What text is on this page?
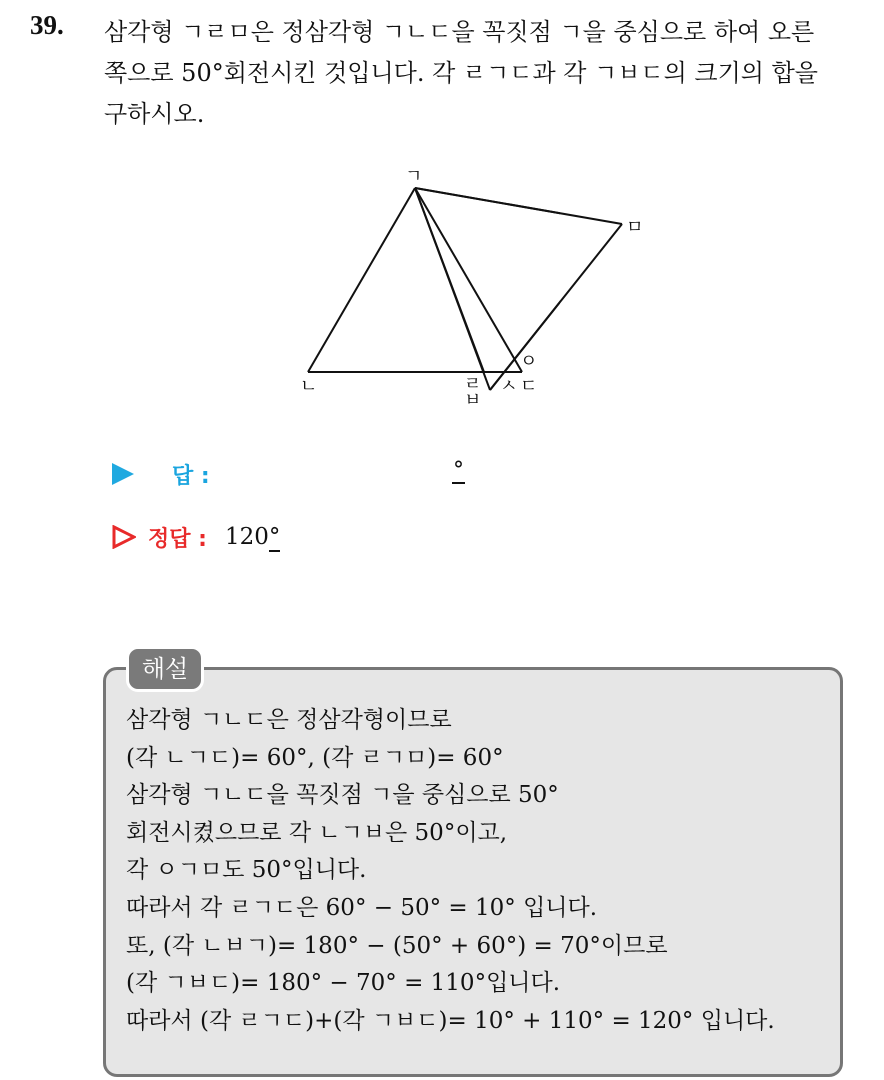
39. 삼각형 ㄱㄹㅁ은 정삼각형 ㄱㄴㄷ을 꼭짓점 ㄱ을 중심으로 하여 오른
쪽으로 50°회전시킨 것입니다. 각 ㄹㄱㄷ과 각 ㄱㅂㄷ의 크기의 합을
구하시오.
ㄱ
ㄴ
ㅇ
ㄹ
ㅂ
ㅅ ㄷ
ㅁ
답 :	°
정답 : 120°
해설
삼각형 ㄱㄴㄷ은 정삼각형이므로
(각 ㄴㄱㄷ)= 60°, (각 ㄹㄱㅁ)= 60°
삼각형 ㄱㄴㄷ을 꼭짓점 ㄱ을 중심으로 50°
회전시켰으므로 각 ㄴㄱㅂ은 50°이고,
각 ㅇㄱㅁ도 50°입니다.
따라서 각 ㄹㄱㄷ은 60° − 50° = 10° 입니다.
또, (각 ㄴㅂㄱ)= 180° − (50° + 60°) = 70°이므로
(각 ㄱㅂㄷ)= 180° − 70° = 110°입니다.
따라서 (각 ㄹㄱㄷ)+(각 ㄱㅂㄷ)= 10° + 110° = 120° 입니다.
